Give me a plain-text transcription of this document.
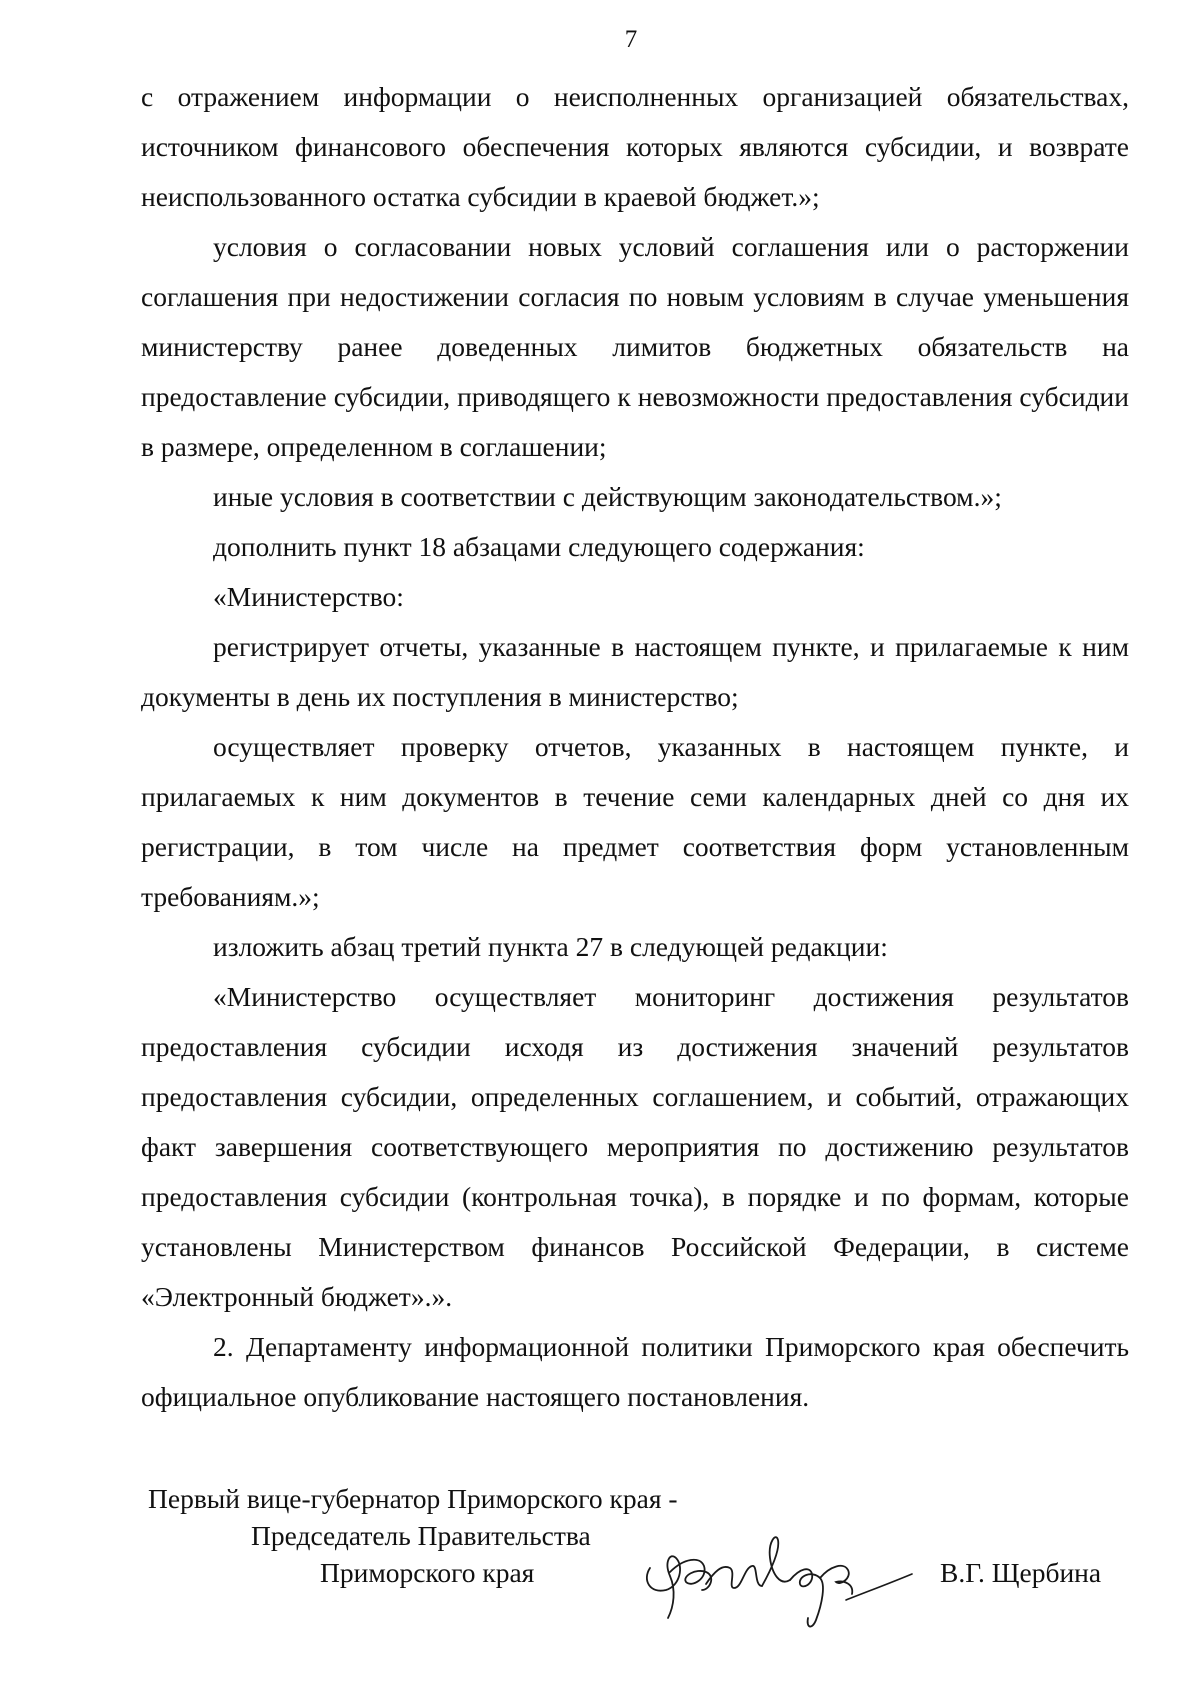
7

с отражением информации о неисполненных организацией обязательствах, источником финансового обеспечения которых являются субсидии, и возврате неиспользованного остатка субсидии в краевой бюджет.»;

условия о согласовании новых условий соглашения или о расторжении соглашения при недостижении согласия по новым условиям в случае уменьшения министерству ранее доведенных лимитов бюджетных обязательств на предоставление субсидии, приводящего к невозможности предоставления субсидии в размере, определенном в соглашении;

иные условия в соответствии с действующим законодательством.»;

дополнить пункт 18 абзацами следующего содержания:

«Министерство:

регистрирует отчеты, указанные в настоящем пункте, и прилагаемые к ним документы в день их поступления в министерство;

осуществляет проверку отчетов, указанных в настоящем пункте, и прилагаемых к ним документов в течение семи календарных дней со дня их регистрации, в том числе на предмет соответствия форм установленным требованиям.»;

изложить абзац третий пункта 27 в следующей редакции:

«Министерство осуществляет мониторинг достижения результатов предоставления субсидии исходя из достижения значений результатов предоставления субсидии, определенных соглашением, и событий, отражающих факт завершения соответствующего мероприятия по достижению результатов предоставления субсидии (контрольная точка), в порядке и по формам, которые установлены Министерством финансов Российской Федерации, в системе «Электронный бюджет».».

2. Департаменту информационной политики Приморского края обеспечить официальное опубликование настоящего постановления.

Первый вице-губернатор Приморского края -
Председатель Правительства
Приморского края	В.Г. Щербина
